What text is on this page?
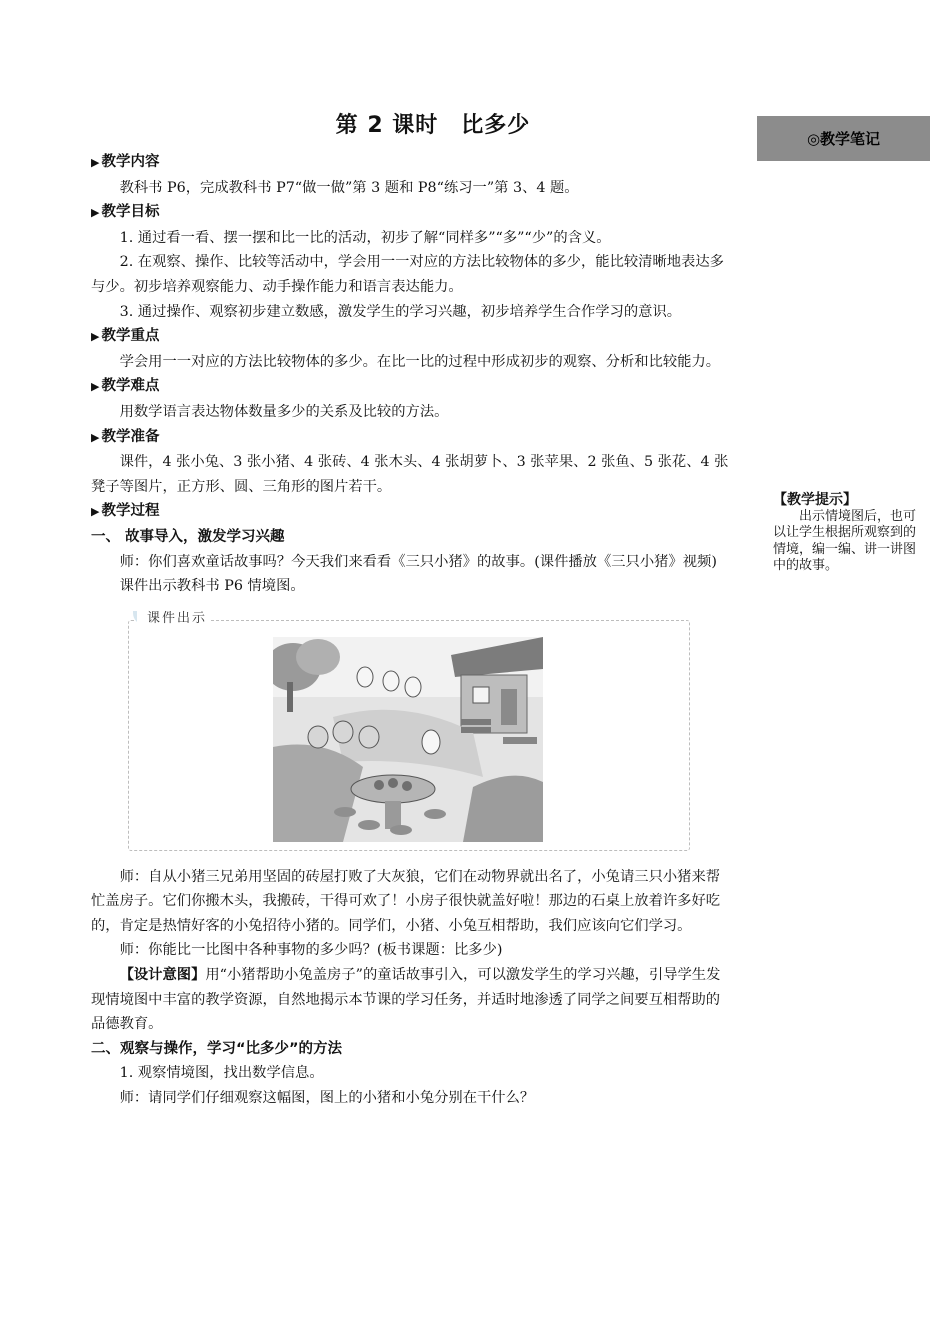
第 2 课时　比多少
◎教学笔记

▶ 教学内容

教科书 P6，完成教科书 P7“做一做”第 3 题和 P8“练习一”第 3、4 题。

▶ 教学目标

1. 通过看一看、摆一摆和比一比的活动，初步了解“同样多”“多”“少”的含义。

2. 在观察、操作、比较等活动中，学会用一一对应的方法比较物体的多少，能比较清晰地表达多与少。初步培养观察能力、动手操作能力和语言表达能力。

3. 通过操作、观察初步建立数感，激发学生的学习兴趣，初步培养学生合作学习的意识。

▶ 教学重点

学会用一一对应的方法比较物体的多少。在比一比的过程中形成初步的观察、分析和比较能力。

▶ 教学难点

用数学语言表达物体数量多少的关系及比较的方法。

▶ 教学准备

课件，4 张小兔、3 张小猪、4 张砖、4 张木头、4 张胡萝卜、3 张苹果、2 张鱼、5 张花、4 张凳子等图片，正方形、圆、三角形的图片若干。

▶ 教学过程

一、 故事导入，激发学习兴趣

师：你们喜欢童话故事吗？今天我们来看看《三只小猪》的故事。(课件播放《三只小猪》视频)

课件出示教科书 P6 情境图。

课件出示

师：自从小猪三兄弟用坚固的砖屋打败了大灰狼，它们在动物界就出名了，小兔请三只小猪来帮忙盖房子。它们你搬木头，我搬砖，干得可欢了！小房子很快就盖好啦！那边的石桌上放着许多好吃的，肯定是热情好客的小兔招待小猪的。同学们，小猪、小兔互相帮助，我们应该向它们学习。

师：你能比一比图中各种事物的多少吗？(板书课题：比多少)

【设计意图】用“小猪帮助小兔盖房子”的童话故事引入，可以激发学生的学习兴趣，引导学生发现情境图中丰富的教学资源，自然地揭示本节课的学习任务，并适时地渗透了同学之间要互相帮助的品德教育。

二、观察与操作，学习“比多少”的方法

1. 观察情境图，找出数学信息。

师：请同学们仔细观察这幅图，图上的小猪和小兔分别在干什么？

【教学提示】
出示情境图后，也可以让学生根据所观察到的情境，编一编、讲一讲图中的故事。
